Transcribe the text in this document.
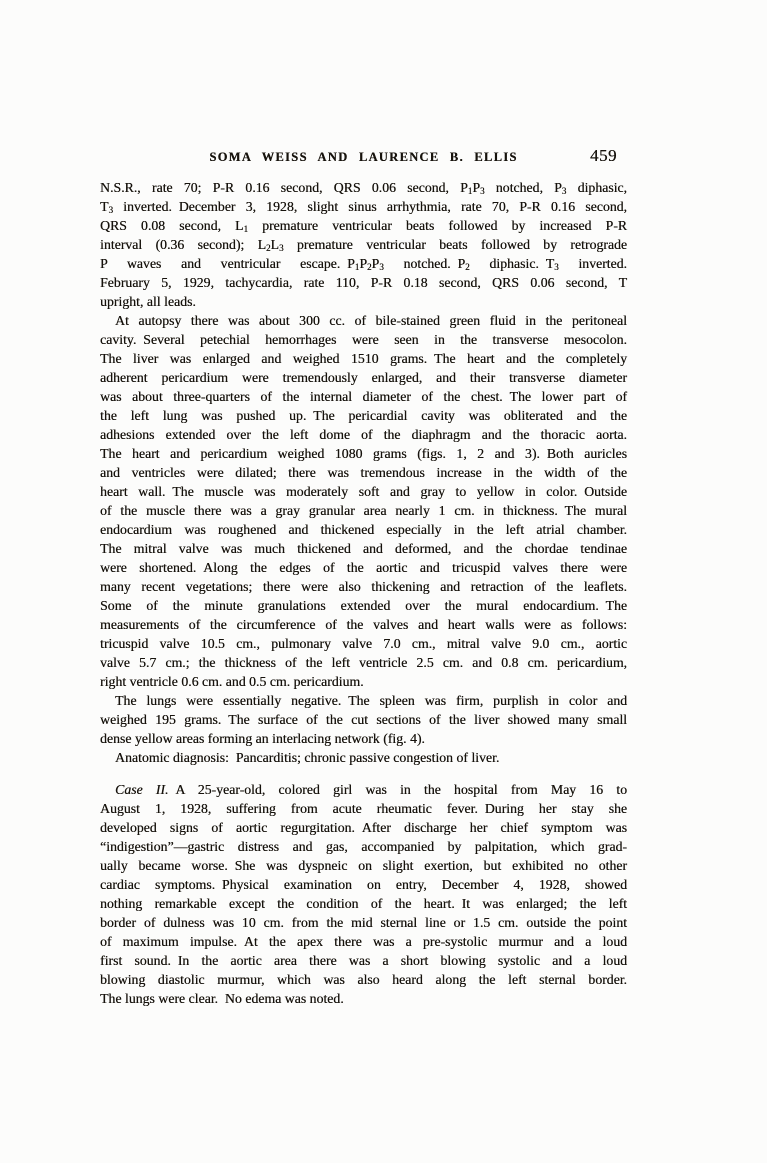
SOMA WEISS AND LAURENCE B. ELLIS	459
N.S.R., rate 70; P-R 0.16 second, QRS 0.06 second, $P_1P_3$ notched, $P_3$ diphasic,
$T_3$ inverted. December 3, 1928, slight sinus arrhythmia, rate 70, P-R 0.16 second,
QRS 0.08 second, $L_1$ premature ventricular beats followed by increased P-R
interval (0.36 second); $L_2L_3$ premature ventricular beats followed by retrograde
P waves and ventricular escape. $P_1P_2P_3$ notched. $P_2$ diphasic. $T_3$ inverted.
February 5, 1929, tachycardia, rate 110, P-R 0.18 second, QRS 0.06 second, T
upright, all leads.
At autopsy there was about 300 cc. of bile-stained green fluid in the peritoneal
cavity. Several petechial hemorrhages were seen in the transverse mesocolon.
The liver was enlarged and weighed 1510 grams. The heart and the completely
adherent pericardium were tremendously enlarged, and their transverse diameter
was about three-quarters of the internal diameter of the chest. The lower part of
the left lung was pushed up. The pericardial cavity was obliterated and the
adhesions extended over the left dome of the diaphragm and the thoracic aorta.
The heart and pericardium weighed 1080 grams (figs. 1, 2 and 3). Both auricles
and ventricles were dilated; there was tremendous increase in the width of the
heart wall. The muscle was moderately soft and gray to yellow in color. Outside
of the muscle there was a gray granular area nearly 1 cm. in thickness. The mural
endocardium was roughened and thickened especially in the left atrial chamber.
The mitral valve was much thickened and deformed, and the chordae tendinae
were shortened. Along the edges of the aortic and tricuspid valves there were
many recent vegetations; there were also thickening and retraction of the leaflets.
Some of the minute granulations extended over the mural endocardium. The
measurements of the circumference of the valves and heart walls were as follows:
tricuspid valve 10.5 cm., pulmonary valve 7.0 cm., mitral valve 9.0 cm., aortic
valve 5.7 cm.; the thickness of the left ventricle 2.5 cm. and 0.8 cm. pericardium,
right ventricle 0.6 cm. and 0.5 cm. pericardium.
The lungs were essentially negative. The spleen was firm, purplish in color and
weighed 195 grams. The surface of the cut sections of the liver showed many small
dense yellow areas forming an interlacing network (fig. 4).
Anatomic diagnosis: Pancarditis; chronic passive congestion of liver.
Case II. A 25-year-old, colored girl was in the hospital from May 16 to
August 1, 1928, suffering from acute rheumatic fever. During her stay she
developed signs of aortic regurgitation. After discharge her chief symptom was
“indigestion”—gastric distress and gas, accompanied by palpitation, which grad-
ually became worse. She was dyspneic on slight exertion, but exhibited no other
cardiac symptoms. Physical examination on entry, December 4, 1928, showed
nothing remarkable except the condition of the heart. It was enlarged; the left
border of dulness was 10 cm. from the mid sternal line or 1.5 cm. outside the point
of maximum impulse. At the apex there was a pre-systolic murmur and a loud
first sound. In the aortic area there was a short blowing systolic and a loud
blowing diastolic murmur, which was also heard along the left sternal border.
The lungs were clear. No edema was noted.
